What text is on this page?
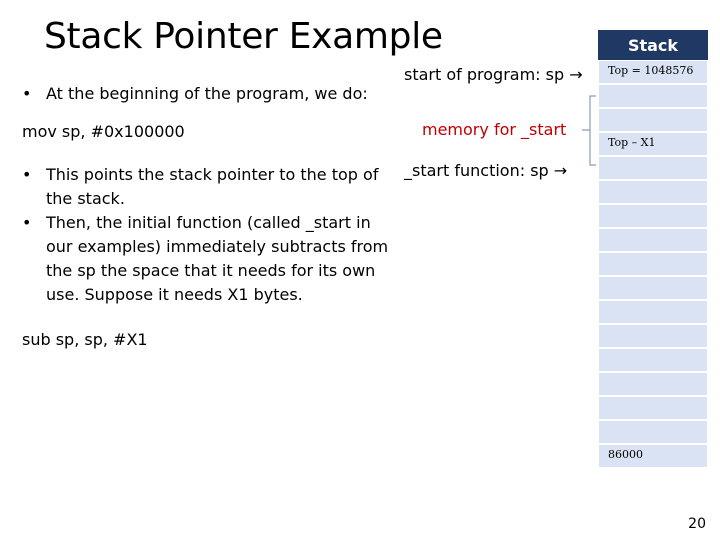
Stack Pointer Example
• At the beginning of the program, we do:
mov sp, #0x100000
• This points the stack pointer to the top of the stack.
• Then, the initial function (called _start in our examples) immediately subtracts from the sp the space that it needs for its own use. Suppose it needs X1 bytes.
sub sp, sp, #X1
start of program: sp →
memory for _start
_start function: sp →
Stack
Top = 1048576
Top – X1
86000
20
